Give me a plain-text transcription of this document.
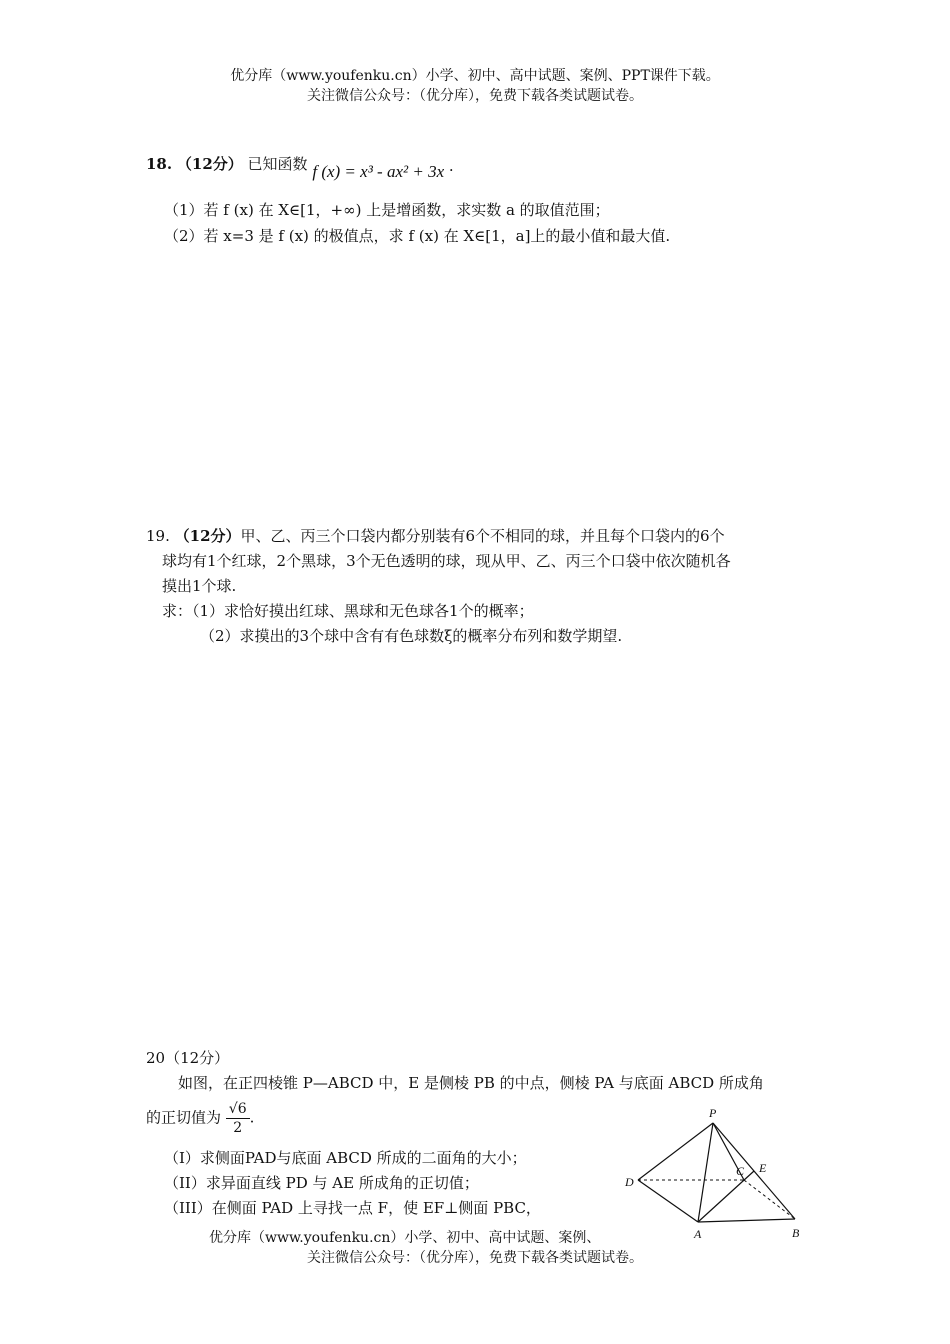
优分库（www.youfenku.cn）小学、初中、高中试题、案例、PPT课件下载。
关注微信公众号：（优分库），免费下载各类试题试卷。
18. （12分） 已知函数 f (x) = x³ - ax² + 3x .
（1）若 f (x) 在 X∈[1，+∞) 上是增函数，求实数 a 的取值范围；
（2）若 x=3 是 f (x) 的极值点，求 f (x) 在 X∈[1，a]上的最小值和最大值.
19. （12分）甲、乙、丙三个口袋内都分别装有6个不相同的球，并且每个口袋内的6个
球均有1个红球，2个黑球，3个无色透明的球，现从甲、乙、丙三个口袋中依次随机各
摸出1个球.
求：（1）求恰好摸出红球、黑球和无色球各1个的概率；
（2）求摸出的3个球中含有有色球数ξ的概率分布列和数学期望.
20（12分）
如图，在正四棱锥 P—ABCD 中，E 是侧棱 PB 的中点，侧棱 PA 与底面 ABCD 所成角
的正切值为 $\frac{√6}{2}$ .
（I）求侧面PAD与底面 ABCD 所成的二面角的大小；
（II）求异面直线 PD 与 AE 所成角的正切值；
（III）在侧面 PAD 上寻找一点 F，使 EF⊥侧面 PBC，
P
D
C E
A	B
优分库（www.youfenku.cn）小学、初中、高中试题、案例、
关注微信公众号：（优分库），免费下载各类试题试卷。
